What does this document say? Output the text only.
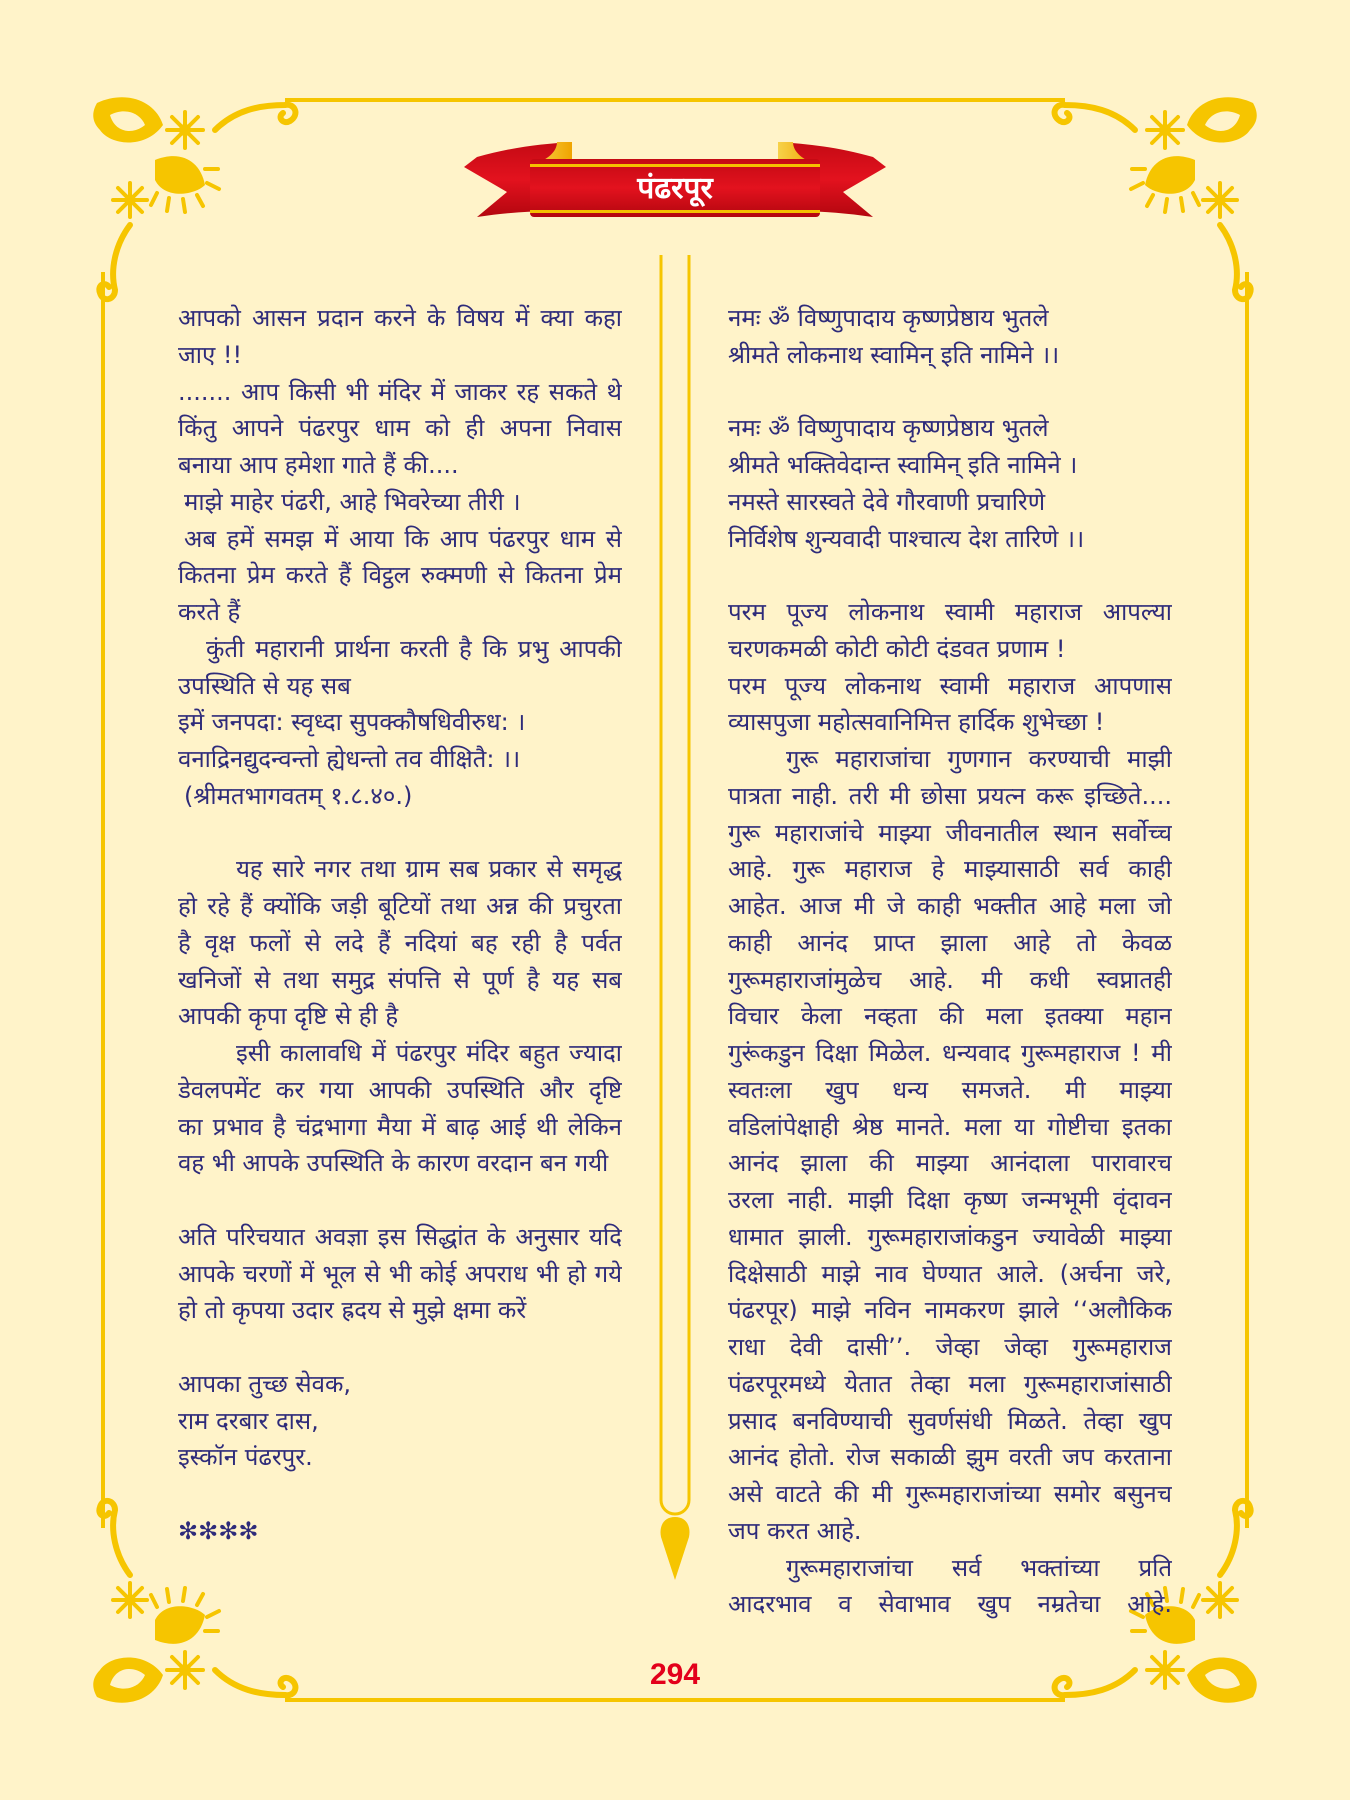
पंढरपूर
आपको आसन प्रदान करने के विषय में क्या कहा
जाए !!
....... आप किसी भी मंदिर में जाकर रह सकते थे
किंतु आपने पंढरपुर धाम को ही अपना निवास
बनाया आप हमेशा गाते हैं की....
माझे माहेर पंढरी, आहे भिवरेच्या तीरी ।
अब हमें समझ में आया कि आप पंढरपुर धाम से
कितना प्रेम करते हैं विट्ठल रुक्मणी से कितना प्रेम
करते हैं
कुंती महारानी प्रार्थना करती है कि प्रभु आपकी
उपस्थिति से यह सब
इमें जनपदा: स्वृध्दा सुपक्कौषधिवीरुध: ।
वनाद्रिनद्युदन्वन्तो ह्येधन्तो तव वीक्षितै: ।।
(श्रीमतभागवतम् १.८.४०.)
यह सारे नगर तथा ग्राम सब प्रकार से समृद्ध
हो रहे हैं क्योंकि जड़ी बूटियों तथा अन्न की प्रचुरता
है वृक्ष फलों से लदे हैं नदियां बह रही है पर्वत
खनिजों से तथा समुद्र संपत्ति से पूर्ण है यह सब
आपकी कृपा दृष्टि से ही है
इसी कालावधि में पंढरपुर मंदिर बहुत ज्यादा
डेवलपमेंट कर गया आपकी उपस्थिति और दृष्टि
का प्रभाव है चंद्रभागा मैया में बाढ़ आई थी लेकिन
वह भी आपके उपस्थिति के कारण वरदान बन गयी
अति परिचयात अवज्ञा इस सिद्धांत के अनुसार यदि
आपके चरणों में भूल से भी कोई अपराध भी हो गये
हो तो कृपया उदार ह्रदय से मुझे क्षमा करें
आपका तुच्छ सेवक,
राम दरबार दास,
इस्कॉन पंढरपुर.
✻✻✻✻
नमः ॐ विष्णुपादाय कृष्णप्रेष्ठाय भुतले
श्रीमते लोकनाथ स्वामिन् इति नामिने ।।
नमः ॐ विष्णुपादाय कृष्णप्रेष्ठाय भुतले
श्रीमते भक्तिवेदान्त स्वामिन् इति नामिने ।
नमस्ते सारस्वते देवे गौरवाणी प्रचारिणे
निर्विशेष शुन्यवादी पाश्चात्य देश तारिणे ।।
परम पूज्य लोकनाथ स्वामी महाराज आपल्या
चरणकमळी कोटी कोटी दंडवत प्रणाम !
परम पूज्य लोकनाथ स्वामी महाराज आपणास
व्यासपुजा महोत्सवानिमित्त हार्दिक शुभेच्छा !
गुरू महाराजांचा गुणगान करण्याची माझी
पात्रता नाही. तरी मी छोसा प्रयत्न करू इच्छिते....
गुरू महाराजांचे माझ्या जीवनातील स्थान सर्वोच्च
आहे. गुरू महाराज हे माझ्यासाठी सर्व काही
आहेत. आज मी जे काही भक्तीत आहे मला जो
काही आनंद प्राप्त झाला आहे तो केवळ
गुरूमहाराजांमुळेच आहे. मी कधी स्वप्नातही
विचार केला नव्हता की मला इतक्या महान
गुरूंकडुन दिक्षा मिळेल. धन्यवाद गुरूमहाराज ! मी
स्वतःला खुप धन्य समजते. मी माझ्या
वडिलांपेक्षाही श्रेष्ठ मानते. मला या गोष्टीचा इतका
आनंद झाला की माझ्या आनंदाला पारावारच
उरला नाही. माझी दिक्षा कृष्ण जन्मभूमी वृंदावन
धामात झाली. गुरूमहाराजांकडुन ज्यावेळी माझ्या
दिक्षेसाठी माझे नाव घेण्यात आले. (अर्चना जरे,
पंढरपूर) माझे नविन नामकरण झाले ‘‘अलौकिक
राधा देवी दासी’’. जेव्हा जेव्हा गुरूमहाराज
पंढरपूरमध्ये येतात तेव्हा मला गुरूमहाराजांसाठी
प्रसाद बनविण्याची सुवर्णसंधी मिळते. तेव्हा खुप
आनंद होतो. रोज सकाळी झुम वरती जप करताना
असे वाटते की मी गुरूमहाराजांच्या समोर बसुनच
जप करत आहे.
गुरूमहाराजांचा सर्व भक्तांच्या प्रति
आदरभाव व सेवाभाव खुप नम्रतेचा आहे.
294
